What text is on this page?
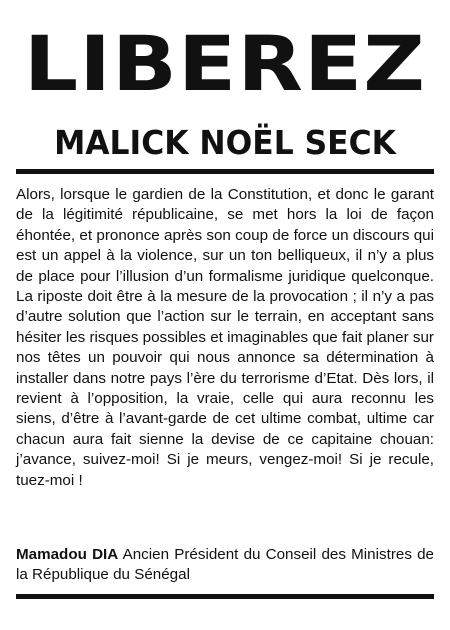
LIBEREZ
MALICK NOËL SECK

Alors, lorsque le gardien de la Constitution, et donc le garant de la légitimité républicaine, se met hors la loi de façon éhontée, et prononce après son coup de force un discours qui est un appel à la violence, sur un ton belliqueux, il n’y a plus de place pour l’illusion d’un formalisme juridique quelconque. La riposte doit être à la mesure de la provocation ; il n’y a pas d’autre solution que l’action sur le terrain, en acceptant sans hésiter les risques possibles et imaginables que fait planer sur nos têtes un pouvoir qui nous annonce sa détermination à installer dans notre pays l’ère du terrorisme d’Etat. Dès lors, il revient à l’opposition, la vraie, celle qui aura reconnu les siens, d’être à l’avant-garde de cet ultime combat, ultime car chacun aura fait sienne la devise de ce capitaine chouan: j’avance, suivez-moi! Si je meurs, vengez-moi! Si je recule, tuez-moi !

Mamadou DIA Ancien Président du Conseil des Ministres de la République du Sénégal
